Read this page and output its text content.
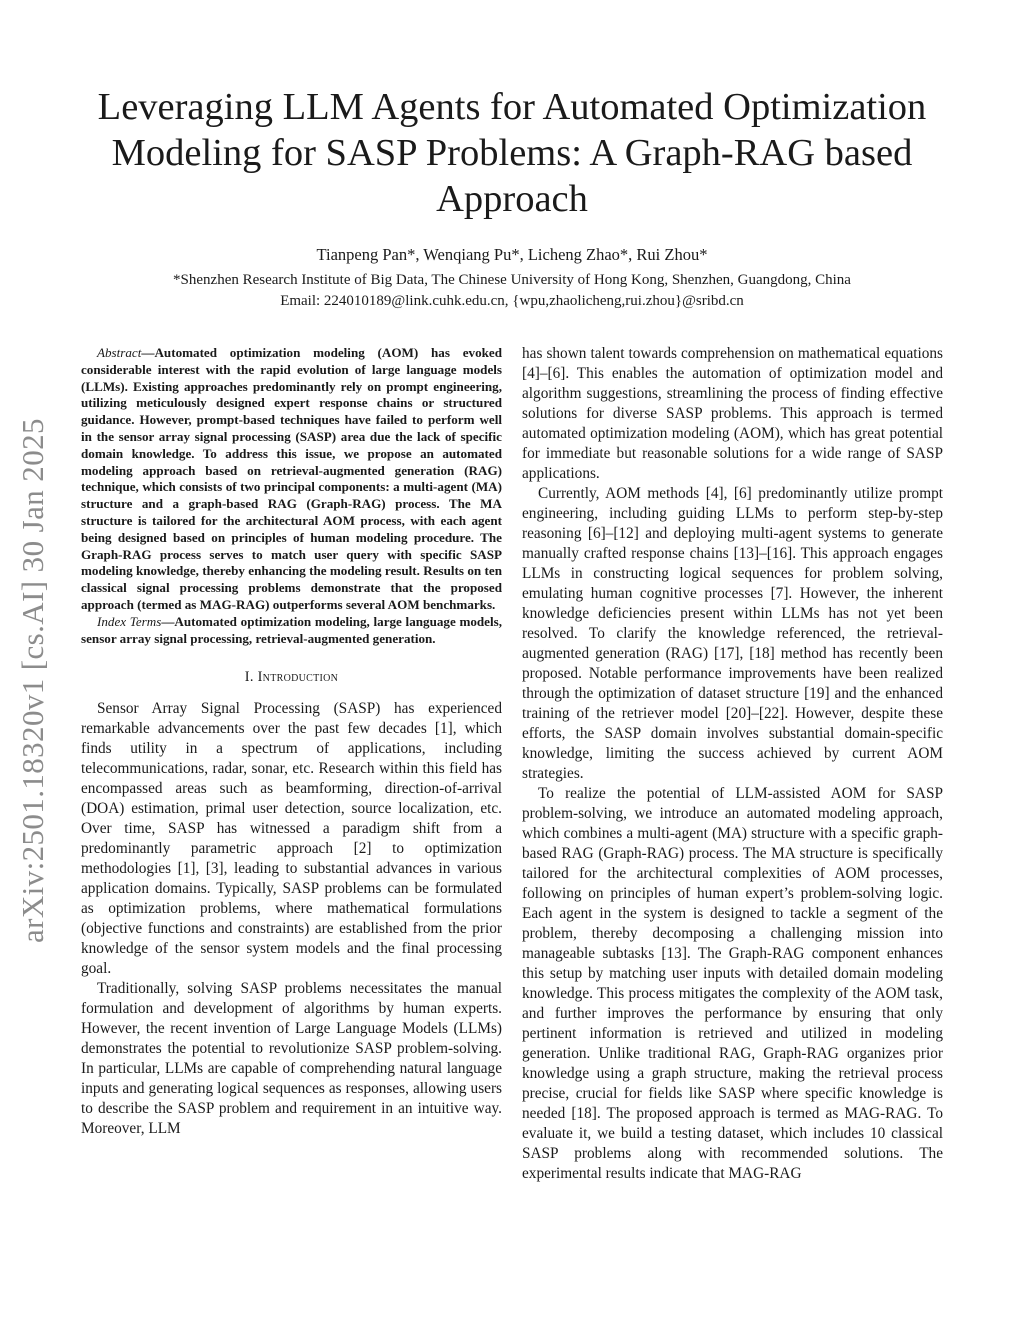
arXiv:2501.18320v1 [cs.AI] 30 Jan 2025
Leveraging LLM Agents for Automated Optimization Modeling for SASP Problems: A Graph-RAG based Approach
Tianpeng Pan*, Wenqiang Pu*, Licheng Zhao*, Rui Zhou*
*Shenzhen Research Institute of Big Data, The Chinese University of Hong Kong, Shenzhen, Guangdong, China
Email: 224010189@link.cuhk.edu.cn, {wpu,zhaolicheng,rui.zhou}@sribd.cn

Abstract—Automated optimization modeling (AOM) has evoked considerable interest with the rapid evolution of large language models (LLMs). Existing approaches predominantly rely on prompt engineering, utilizing meticulously designed expert response chains or structured guidance. However, prompt-based techniques have failed to perform well in the sensor array signal processing (SASP) area due the lack of specific domain knowledge. To address this issue, we propose an automated modeling approach based on retrieval-augmented generation (RAG) technique, which consists of two principal components: a multi-agent (MA) structure and a graph-based RAG (Graph-RAG) process. The MA structure is tailored for the architectural AOM process, with each agent being designed based on principles of human modeling procedure. The Graph-RAG process serves to match user query with specific SASP modeling knowledge, thereby enhancing the modeling result. Results on ten classical signal processing problems demonstrate that the proposed approach (termed as MAG-RAG) outperforms several AOM benchmarks.

Index Terms—Automated optimization modeling, large language models, sensor array signal processing, retrieval-augmented generation.

I. Introduction

Sensor Array Signal Processing (SASP) has experienced remarkable advancements over the past few decades [1], which finds utility in a spectrum of applications, including telecommunications, radar, sonar, etc. Research within this field has encompassed areas such as beamforming, direction-of-arrival (DOA) estimation, primal user detection, source localization, etc. Over time, SASP has witnessed a paradigm shift from a predominantly parametric approach [2] to optimization methodologies [1], [3], leading to substantial advances in various application domains. Typically, SASP problems can be formulated as optimization problems, where mathematical formulations (objective functions and constraints) are established from the prior knowledge of the sensor system models and the final processing goal.

Traditionally, solving SASP problems necessitates the manual formulation and development of algorithms by human experts. However, the recent invention of Large Language Models (LLMs) demonstrates the potential to revolutionize SASP problem-solving. In particular, LLMs are capable of comprehending natural language inputs and generating logical sequences as responses, allowing users to describe the SASP problem and requirement in an intuitive way. Moreover, LLM

has shown talent towards comprehension on mathematical equations [4]–[6]. This enables the automation of optimization model and algorithm suggestions, streamlining the process of finding effective solutions for diverse SASP problems. This approach is termed automated optimization modeling (AOM), which has great potential for immediate but reasonable solutions for a wide range of SASP applications.

Currently, AOM methods [4], [6] predominantly utilize prompt engineering, including guiding LLMs to perform step-by-step reasoning [6]–[12] and deploying multi-agent systems to generate manually crafted response chains [13]–[16]. This approach engages LLMs in constructing logical sequences for problem solving, emulating human cognitive processes [7]. However, the inherent knowledge deficiencies present within LLMs has not yet been resolved. To clarify the knowledge referenced, the retrieval-augmented generation (RAG) [17], [18] method has recently been proposed. Notable performance improvements have been realized through the optimization of dataset structure [19] and the enhanced training of the retriever model [20]–[22]. However, despite these efforts, the SASP domain involves substantial domain-specific knowledge, limiting the success achieved by current AOM strategies.

To realize the potential of LLM-assisted AOM for SASP problem-solving, we introduce an automated modeling approach, which combines a multi-agent (MA) structure with a specific graph-based RAG (Graph-RAG) process. The MA structure is specifically tailored for the architectural complexities of AOM processes, following on principles of human expert’s problem-solving logic. Each agent in the system is designed to tackle a segment of the problem, thereby decomposing a challenging mission into manageable subtasks [13]. The Graph-RAG component enhances this setup by matching user inputs with detailed domain modeling knowledge. This process mitigates the complexity of the AOM task, and further improves the performance by ensuring that only pertinent information is retrieved and utilized in modeling generation. Unlike traditional RAG, Graph-RAG organizes prior knowledge using a graph structure, making the retrieval process precise, crucial for fields like SASP where specific knowledge is needed [18]. The proposed approach is termed as MAG-RAG. To evaluate it, we build a testing dataset, which includes 10 classical SASP problems along with recommended solutions. The experimental results indicate that MAG-RAG
